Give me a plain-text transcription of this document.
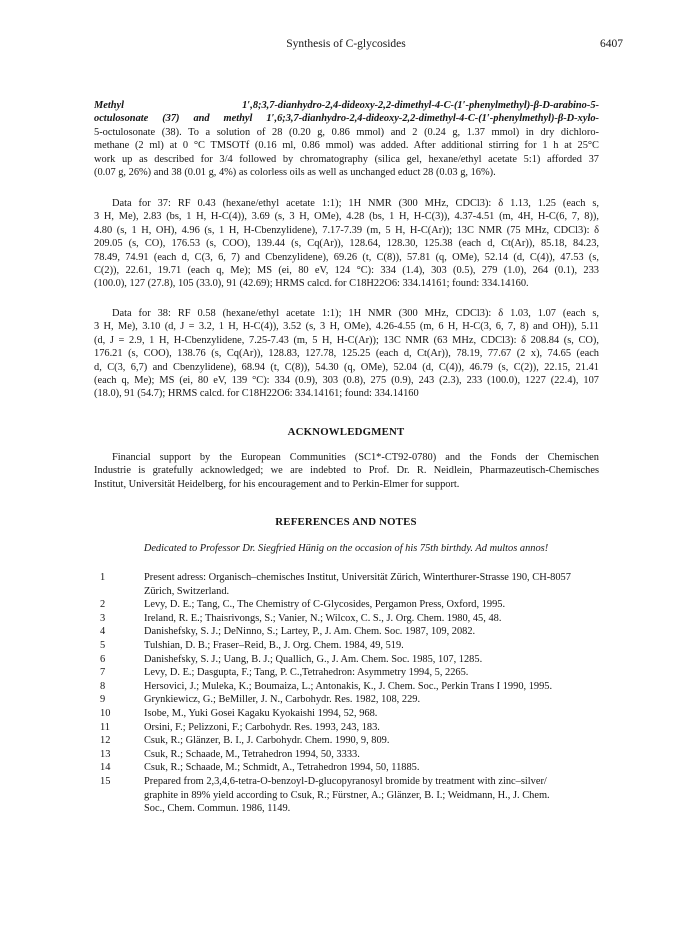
Synthesis of C-glycosides	6407
Methyl 1′,8;3,7-dianhydro-2,4-dideoxy-2,2-dimethyl-4-C-(1′-phenylmethyl)-β-D-arabino-5-
octulosonate (37) and methyl 1′,6;3,7-dianhydro-2,4-dideoxy-2,2-dimethyl-4-C-(1′-phenylmethyl)-β-D-xylo-
5-octulosonate (38). To a solution of 28 (0.20 g, 0.86 mmol) and 2 (0.24 g, 1.37 mmol) in dry dichloro-
methane (2 ml) at 0 °C TMSOTf (0.16 ml, 0.86 mmol) was added. After additional stirring for 1 h at 25°C
work up as described for 3/4 followed by chromatography (silica gel, hexane/ethyl acetate 5:1) afforded 37
(0.07 g, 26%) and 38 (0.01 g, 4%) as colorless oils as well as unchanged educt 28 (0.03 g, 16%).
Data for 37: RF 0.43 (hexane/ethyl acetate 1:1); 1H NMR (300 MHz, CDCl3): δ 1.13, 1.25 (each s,
3 H, Me), 2.83 (bs, 1 H, H-C(4)), 3.69 (s, 3 H, OMe), 4.28 (bs, 1 H, H-C(3)), 4.37-4.51 (m, 4H, H-C(6, 7, 8)),
4.80 (s, 1 H, OH), 4.96 (s, 1 H, H-Cbenzylidene), 7.17-7.39 (m, 5 H, H-C(Ar)); 13C NMR (75 MHz, CDCl3): δ
209.05 (s, CO), 176.53 (s, COO), 139.44 (s, Cq(Ar)), 128.64, 128.30, 125.38 (each d, Ct(Ar)), 85.18, 84.23,
78.49, 74.91 (each d, C(3, 6, 7) and Cbenzylidene), 69.26 (t, C(8)), 57.81 (q, OMe), 52.14 (d, C(4)), 47.53 (s,
C(2)), 22.61, 19.71 (each q, Me); MS (ei, 80 eV, 124 °C): 334 (1.4), 303 (0.5), 279 (1.0), 264 (0.1), 233
(100.0), 127 (27.8), 105 (33.0), 91 (42.69); HRMS calcd. for C18H22O6: 334.14161; found: 334.14160.
Data for 38: RF 0.58 (hexane/ethyl acetate 1:1); 1H NMR (300 MHz, CDCl3): δ 1.03, 1.07 (each s,
3 H, Me), 3.10 (d, J = 3.2, 1 H, H-C(4)), 3.52 (s, 3 H, OMe), 4.26-4.55 (m, 6 H, H-C(3, 6, 7, 8) and OH)), 5.11
(d, J = 2.9, 1 H, H-Cbenzylidene, 7.25-7.43 (m, 5 H, H-C(Ar)); 13C NMR (63 MHz, CDCl3): δ 208.84 (s, CO),
176.21 (s, COO), 138.76 (s, Cq(Ar)), 128.83, 127.78, 125.25 (each d, Ct(Ar)), 78.19, 77.67 (2 x), 74.65 (each
d, C(3, 6,7) and Cbenzylidene), 68.94 (t, C(8)), 54.30 (q, OMe), 52.04 (d, C(4)), 46.79 (s, C(2)), 22.15, 21.41
(each q, Me); MS (ei, 80 eV, 139 °C): 334 (0.9), 303 (0.8), 275 (0.9), 243 (2.3), 233 (100.0), 1227 (22.4), 107
(18.0), 91 (54.7); HRMS calcd. for C18H22O6: 334.14161; found: 334.14160
ACKNOWLEDGMENT
Financial support by the European Communities (SC1*-CT92-0780) and the Fonds der Chemischen
Industrie is gratefully acknowledged; we are indebted to Prof. Dr. R. Neidlein, Pharmazeutisch-Chemisches
Institut, Universität Heidelberg, for his encouragement and to Perkin-Elmer for support.
REFERENCES AND NOTES
Dedicated to Professor Dr. Siegfried Hünig on the occasion of his 75th birthdy. Ad multos annos!
1	Present adress: Organisch–chemisches Institut, Universität Zürich, Winterthurer-Strasse 190, CH-8057
Zürich, Switzerland.
2	Levy, D. E.; Tang, C., The Chemistry of C-Glycosides, Pergamon Press, Oxford, 1995.
3	Ireland, R. E.; Thaisrivongs, S.; Vanier, N.; Wilcox, C. S., J. Org. Chem. 1980, 45, 48.
4	Danishefsky, S. J.; DeNinno, S.; Lartey, P., J. Am. Chem. Soc. 1987, 109, 2082.
5	Tulshian, D. B.; Fraser–Reid, B., J. Org. Chem. 1984, 49, 519.
6	Danishefsky, S. J.; Uang, B. J.; Quallich, G., J. Am. Chem. Soc. 1985, 107, 1285.
7	Levy, D. E.; Dasgupta, F.; Tang, P. C.,Tetrahedron: Asymmetry 1994, 5, 2265.
8	Hersovici, J.; Muleka, K.; Boumaiza, L.; Antonakis, K., J. Chem. Soc., Perkin Trans I 1990, 1995.
9	Grynkiewicz, G.; BeMiller, J. N., Carbohydr. Res. 1982, 108, 229.
10	Isobe, M., Yuki Gosei Kagaku Kyokaishi 1994, 52, 968.
11	Orsini, F.; Pelizzoni, F.; Carbohydr. Res. 1993, 243, 183.
12	Csuk, R.; Glänzer, B. I., J. Carbohydr. Chem. 1990, 9, 809.
13	Csuk, R.; Schaade, M., Tetrahedron 1994, 50, 3333.
14	Csuk, R.; Schaade, M.; Schmidt, A., Tetrahedron 1994, 50, 11885.
15	Prepared from 2,3,4,6-tetra-O-benzoyl-D-glucopyranosyl bromide by treatment with zinc–silver/
graphite in 89% yield according to Csuk, R.; Fürstner, A.; Glänzer, B. I.; Weidmann, H., J. Chem.
Soc., Chem. Commun. 1986, 1149.
